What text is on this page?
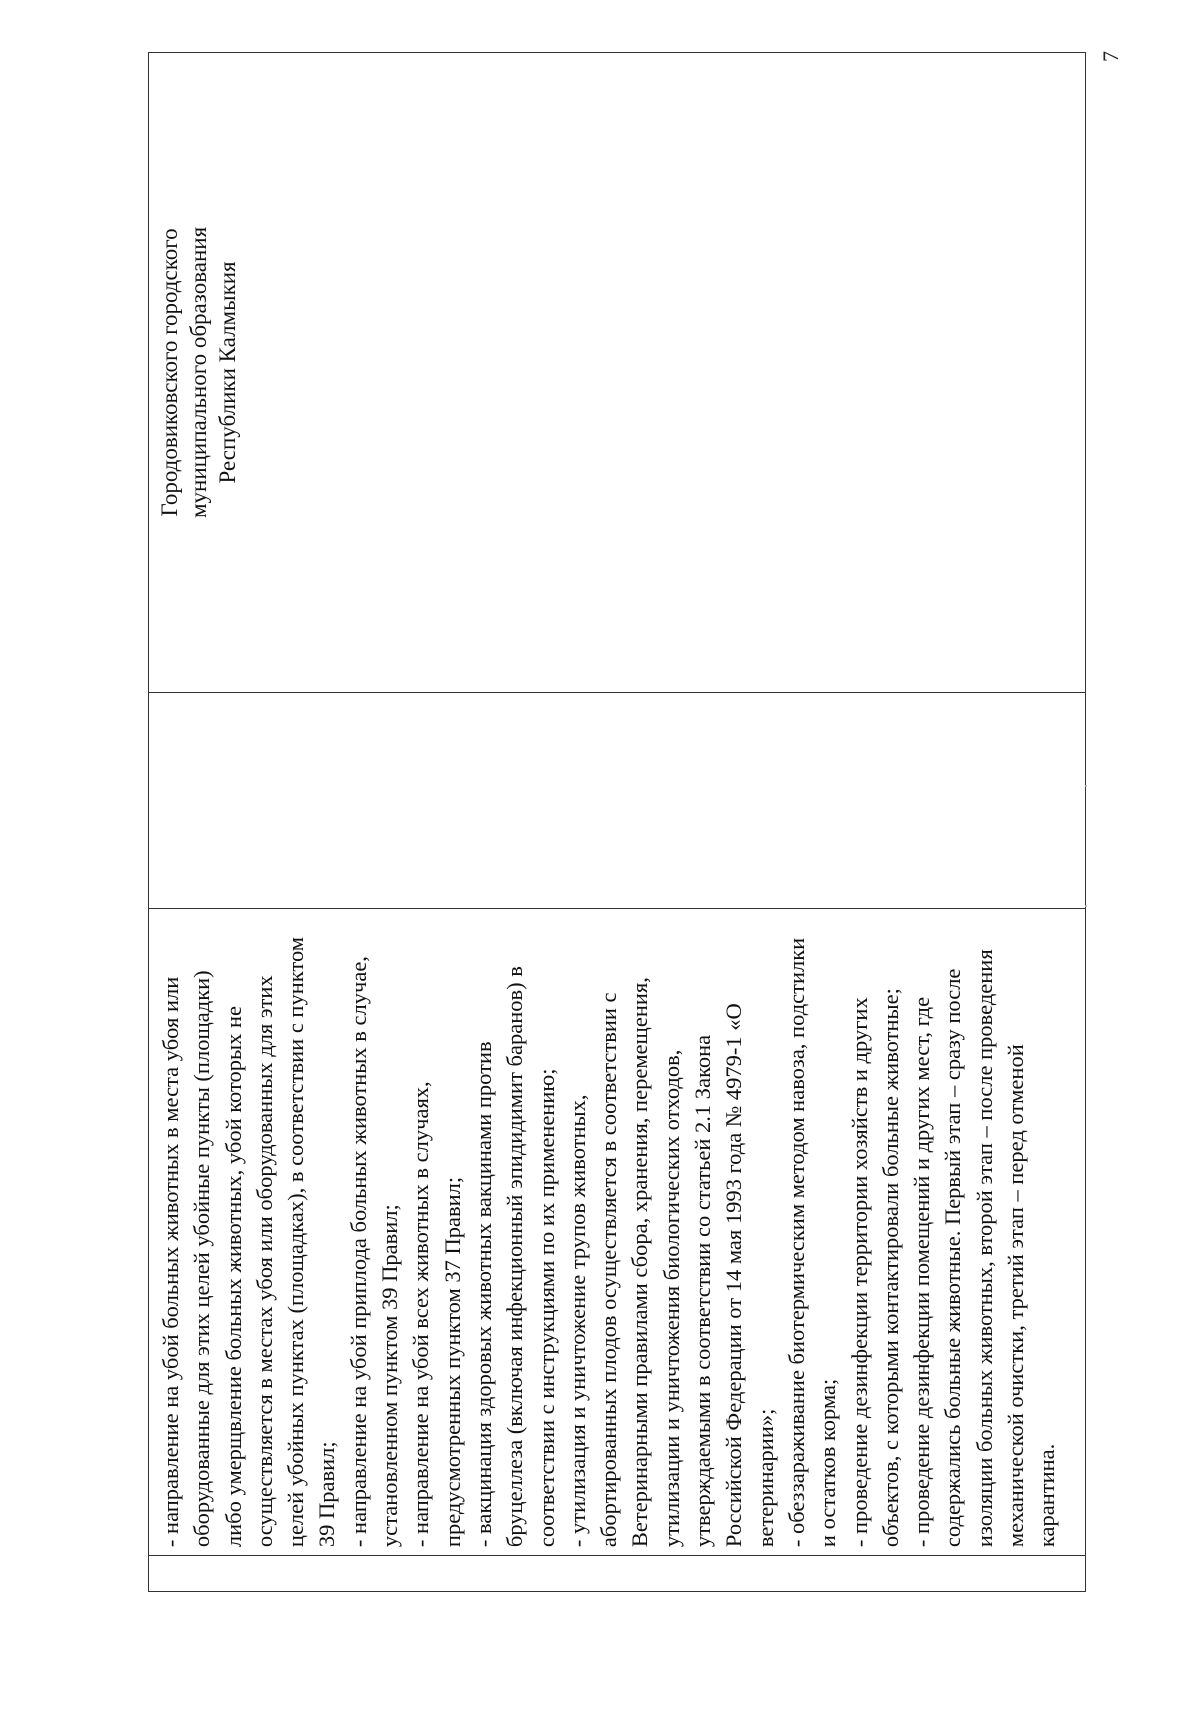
7

- направление на убой больных животных в места убоя или оборудованные для этих целей убойные пункты (площадки) либо умерщвление больных животных, убой которых не осуществляется в местах убоя или оборудованных для этих целей убойных пунктах (площадках), в соответствии с пунктом 39 Правил; - направление на убой приплода больных животных в случае, установленном пунктом 39 Правил; - направление на убой всех животных в случаях, предусмотренных пунктом 37 Правил; - вакцинация здоровых животных вакцинами против бруцеллеза (включая инфекционный эпидидимит баранов) в соответствии с инструкциями по их применению; - утилизация и уничтожение трупов животных, абортированных плодов осуществляется в соответствии с Ветеринарными правилами сбора, хранения, перемещения, утилизации и уничтожения биологических отходов, утверждаемыми в соответствии со статьей 2.1 Закона Российской Федерации от 14 мая 1993 года № 4979-1 «О ветеринарии»; - обеззараживание биотермическим методом навоза, подстилки и остатков корма; - проведение дезинфекции территории хозяйств и других объектов, с которыми контактировали больные животные; - проведение дезинфекции помещений и других мест, где содержались больные животные. Первый этап – сразу после изоляции больных животных, второй этап – после проведения механической очистки, третий этап – перед отменой карантина.

Городовиковского городского муниципального образования Республики Калмыкия
